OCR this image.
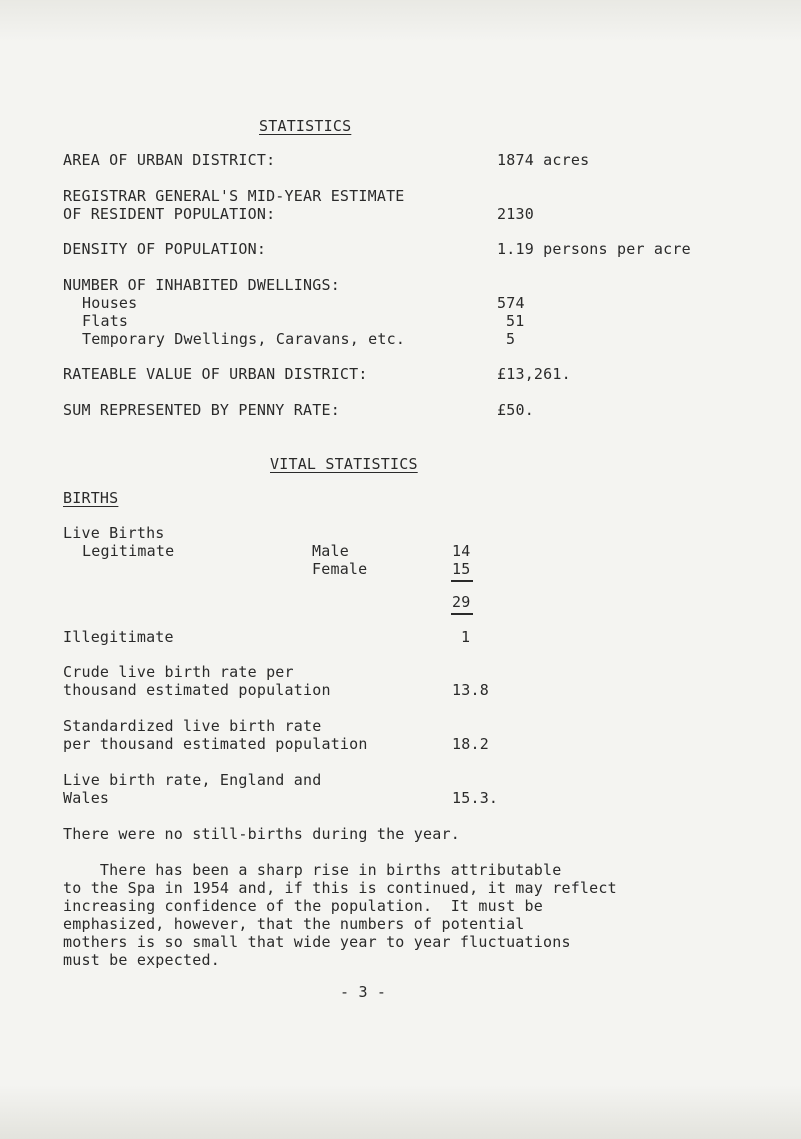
STATISTICS
AREA OF URBAN DISTRICT:	1874 acres
REGISTRAR GENERAL'S MID-YEAR ESTIMATE
OF RESIDENT POPULATION:	2130
DENSITY OF POPULATION:	1.19 persons per acre
NUMBER OF INHABITED DWELLINGS:
Houses	574
Flats	51
Temporary Dwellings, Caravans, etc.	5
RATEABLE VALUE OF URBAN DISTRICT:	£13,261.
SUM REPRESENTED BY PENNY RATE:	£50.
VITAL STATISTICS
BIRTHS
Live Births
Legitimate	Male	14
Female	15
29
Illegitimate	1
Crude live birth rate per
thousand estimated population	13.8
Standardized live birth rate
per thousand estimated population	18.2
Live birth rate, England and
Wales	15.3.
There were no still-births during the year.
There has been a sharp rise in births attributable
to the Spa in 1954 and, if this is continued, it may reflect
increasing confidence of the population.  It must be
emphasized, however, that the numbers of potential
mothers is so small that wide year to year fluctuations
must be expected.
- 3 -
